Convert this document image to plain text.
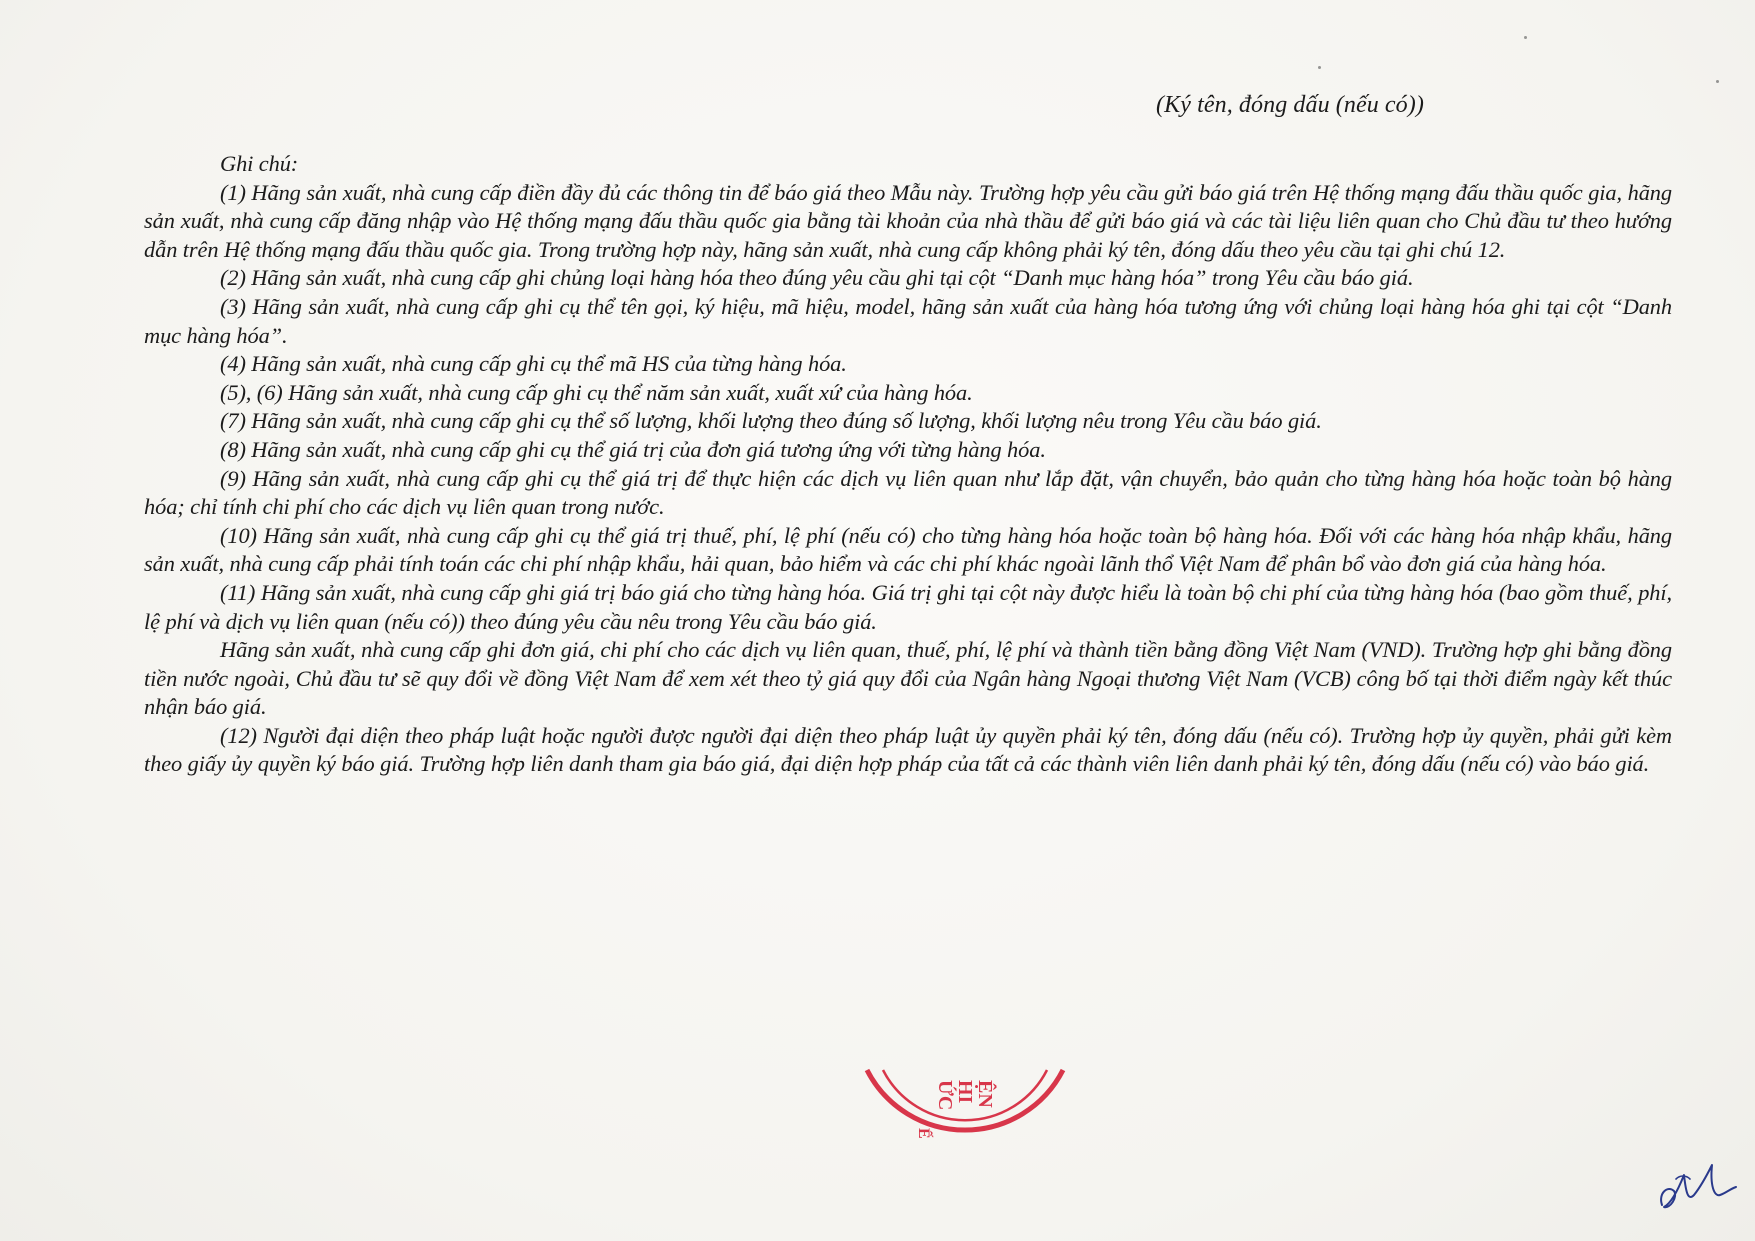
(Ký tên, đóng dấu (nếu có))
Ghi chú:

(1) Hãng sản xuất, nhà cung cấp điền đầy đủ các thông tin để báo giá theo Mẫu này. Trường hợp yêu cầu gửi báo giá trên Hệ thống mạng đấu thầu quốc gia, hãng sản xuất, nhà cung cấp đăng nhập vào Hệ thống mạng đấu thầu quốc gia bằng tài khoản của nhà thầu để gửi báo giá và các tài liệu liên quan cho Chủ đầu tư theo hướng dẫn trên Hệ thống mạng đấu thầu quốc gia. Trong trường hợp này, hãng sản xuất, nhà cung cấp không phải ký tên, đóng dấu theo yêu cầu tại ghi chú 12.

(2) Hãng sản xuất, nhà cung cấp ghi chủng loại hàng hóa theo đúng yêu cầu ghi tại cột “Danh mục hàng hóa” trong Yêu cầu báo giá.

(3) Hãng sản xuất, nhà cung cấp ghi cụ thể tên gọi, ký hiệu, mã hiệu, model, hãng sản xuất của hàng hóa tương ứng với chủng loại hàng hóa ghi tại cột “Danh mục hàng hóa”.

(4) Hãng sản xuất, nhà cung cấp ghi cụ thể mã HS của từng hàng hóa.

(5), (6) Hãng sản xuất, nhà cung cấp ghi cụ thể năm sản xuất, xuất xứ của hàng hóa.

(7) Hãng sản xuất, nhà cung cấp ghi cụ thể số lượng, khối lượng theo đúng số lượng, khối lượng nêu trong Yêu cầu báo giá.

(8) Hãng sản xuất, nhà cung cấp ghi cụ thể giá trị của đơn giá tương ứng với từng hàng hóa.

(9) Hãng sản xuất, nhà cung cấp ghi cụ thể giá trị để thực hiện các dịch vụ liên quan như lắp đặt, vận chuyển, bảo quản cho từng hàng hóa hoặc toàn bộ hàng hóa; chỉ tính chi phí cho các dịch vụ liên quan trong nước.

(10) Hãng sản xuất, nhà cung cấp ghi cụ thể giá trị thuế, phí, lệ phí (nếu có) cho từng hàng hóa hoặc toàn bộ hàng hóa. Đối với các hàng hóa nhập khẩu, hãng sản xuất, nhà cung cấp phải tính toán các chi phí nhập khẩu, hải quan, bảo hiểm và các chi phí khác ngoài lãnh thổ Việt Nam để phân bổ vào đơn giá của hàng hóa.

(11) Hãng sản xuất, nhà cung cấp ghi giá trị báo giá cho từng hàng hóa. Giá trị ghi tại cột này được hiểu là toàn bộ chi phí của từng hàng hóa (bao gồm thuế, phí, lệ phí và dịch vụ liên quan (nếu có)) theo đúng yêu cầu nêu trong Yêu cầu báo giá.

Hãng sản xuất, nhà cung cấp ghi đơn giá, chi phí cho các dịch vụ liên quan, thuế, phí, lệ phí và thành tiền bằng đồng Việt Nam (VND). Trường hợp ghi bằng đồng tiền nước ngoài, Chủ đầu tư sẽ quy đổi về đồng Việt Nam để xem xét theo tỷ giá quy đổi của Ngân hàng Ngoại thương Việt Nam (VCB) công bố tại thời điểm ngày kết thúc nhận báo giá.

(12) Người đại diện theo pháp luật hoặc người được người đại diện theo pháp luật ủy quyền phải ký tên, đóng dấu (nếu có). Trường hợp ủy quyền, phải gửi kèm theo giấy ủy quyền ký báo giá. Trường hợp liên danh tham gia báo giá, đại diện hợp pháp của tất cả các thành viên liên danh phải ký tên, đóng dấu (nếu có) vào báo giá.

ỆN
HI
ỨC
Ế
